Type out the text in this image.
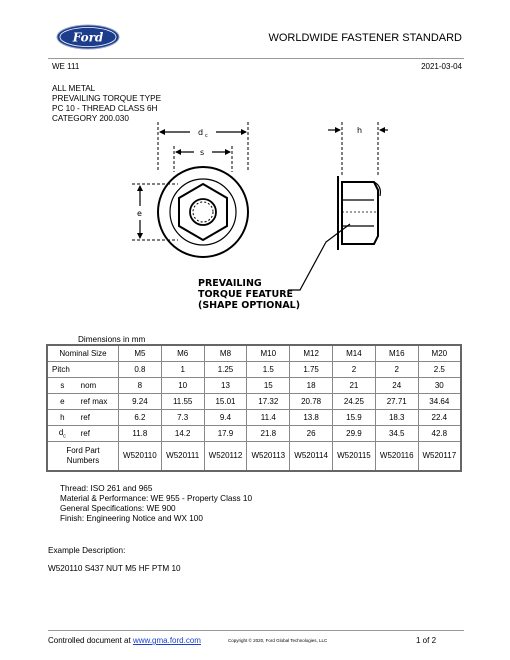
Ford	WORLDWIDE FASTENER STANDARD
WE 111	2021-03-04
ALL METAL
PREVAILING TORQUE TYPE
PC 10 - THREAD CLASS 6H
CATEGORY 200.030
d c
s
h
e
PREVAILING
TORQUE FEATURE
(SHAPE OPTIONAL)
Dimensions in mm
Nominal Size		M5	M6	M8	M10	M12	M14	M16	M20
Pitch		0.8	1	1.25	1.5	1.75	2	2	2.5
s	nom	8	10	13	15	18	21	24	30
e	ref max	9.24	11.55	15.01	17.32	20.78	24.25	27.71	34.64
h	ref	6.2	7.3	9.4	11.4	13.8	15.9	18.3	22.4
$d_c$	ref	11.8	14.2	17.9	21.8	26	29.9	34.5	42.8
Ford Part
Numbers		W520110	W520111	W520112	W520113	W520114	W520115	W520116	W520117
Thread: ISO 261 and 965
Material & Performance: WE 955 - Property Class 10
General Specifications: WE 900
Finish: Engineering Notice and WX 100
Example Description:
W520110 S437 NUT M5 HF PTM 10
Controlled document at www.gma.ford.com	Copyright © 2020, Ford Global Technologies, LLC	1 of 2
